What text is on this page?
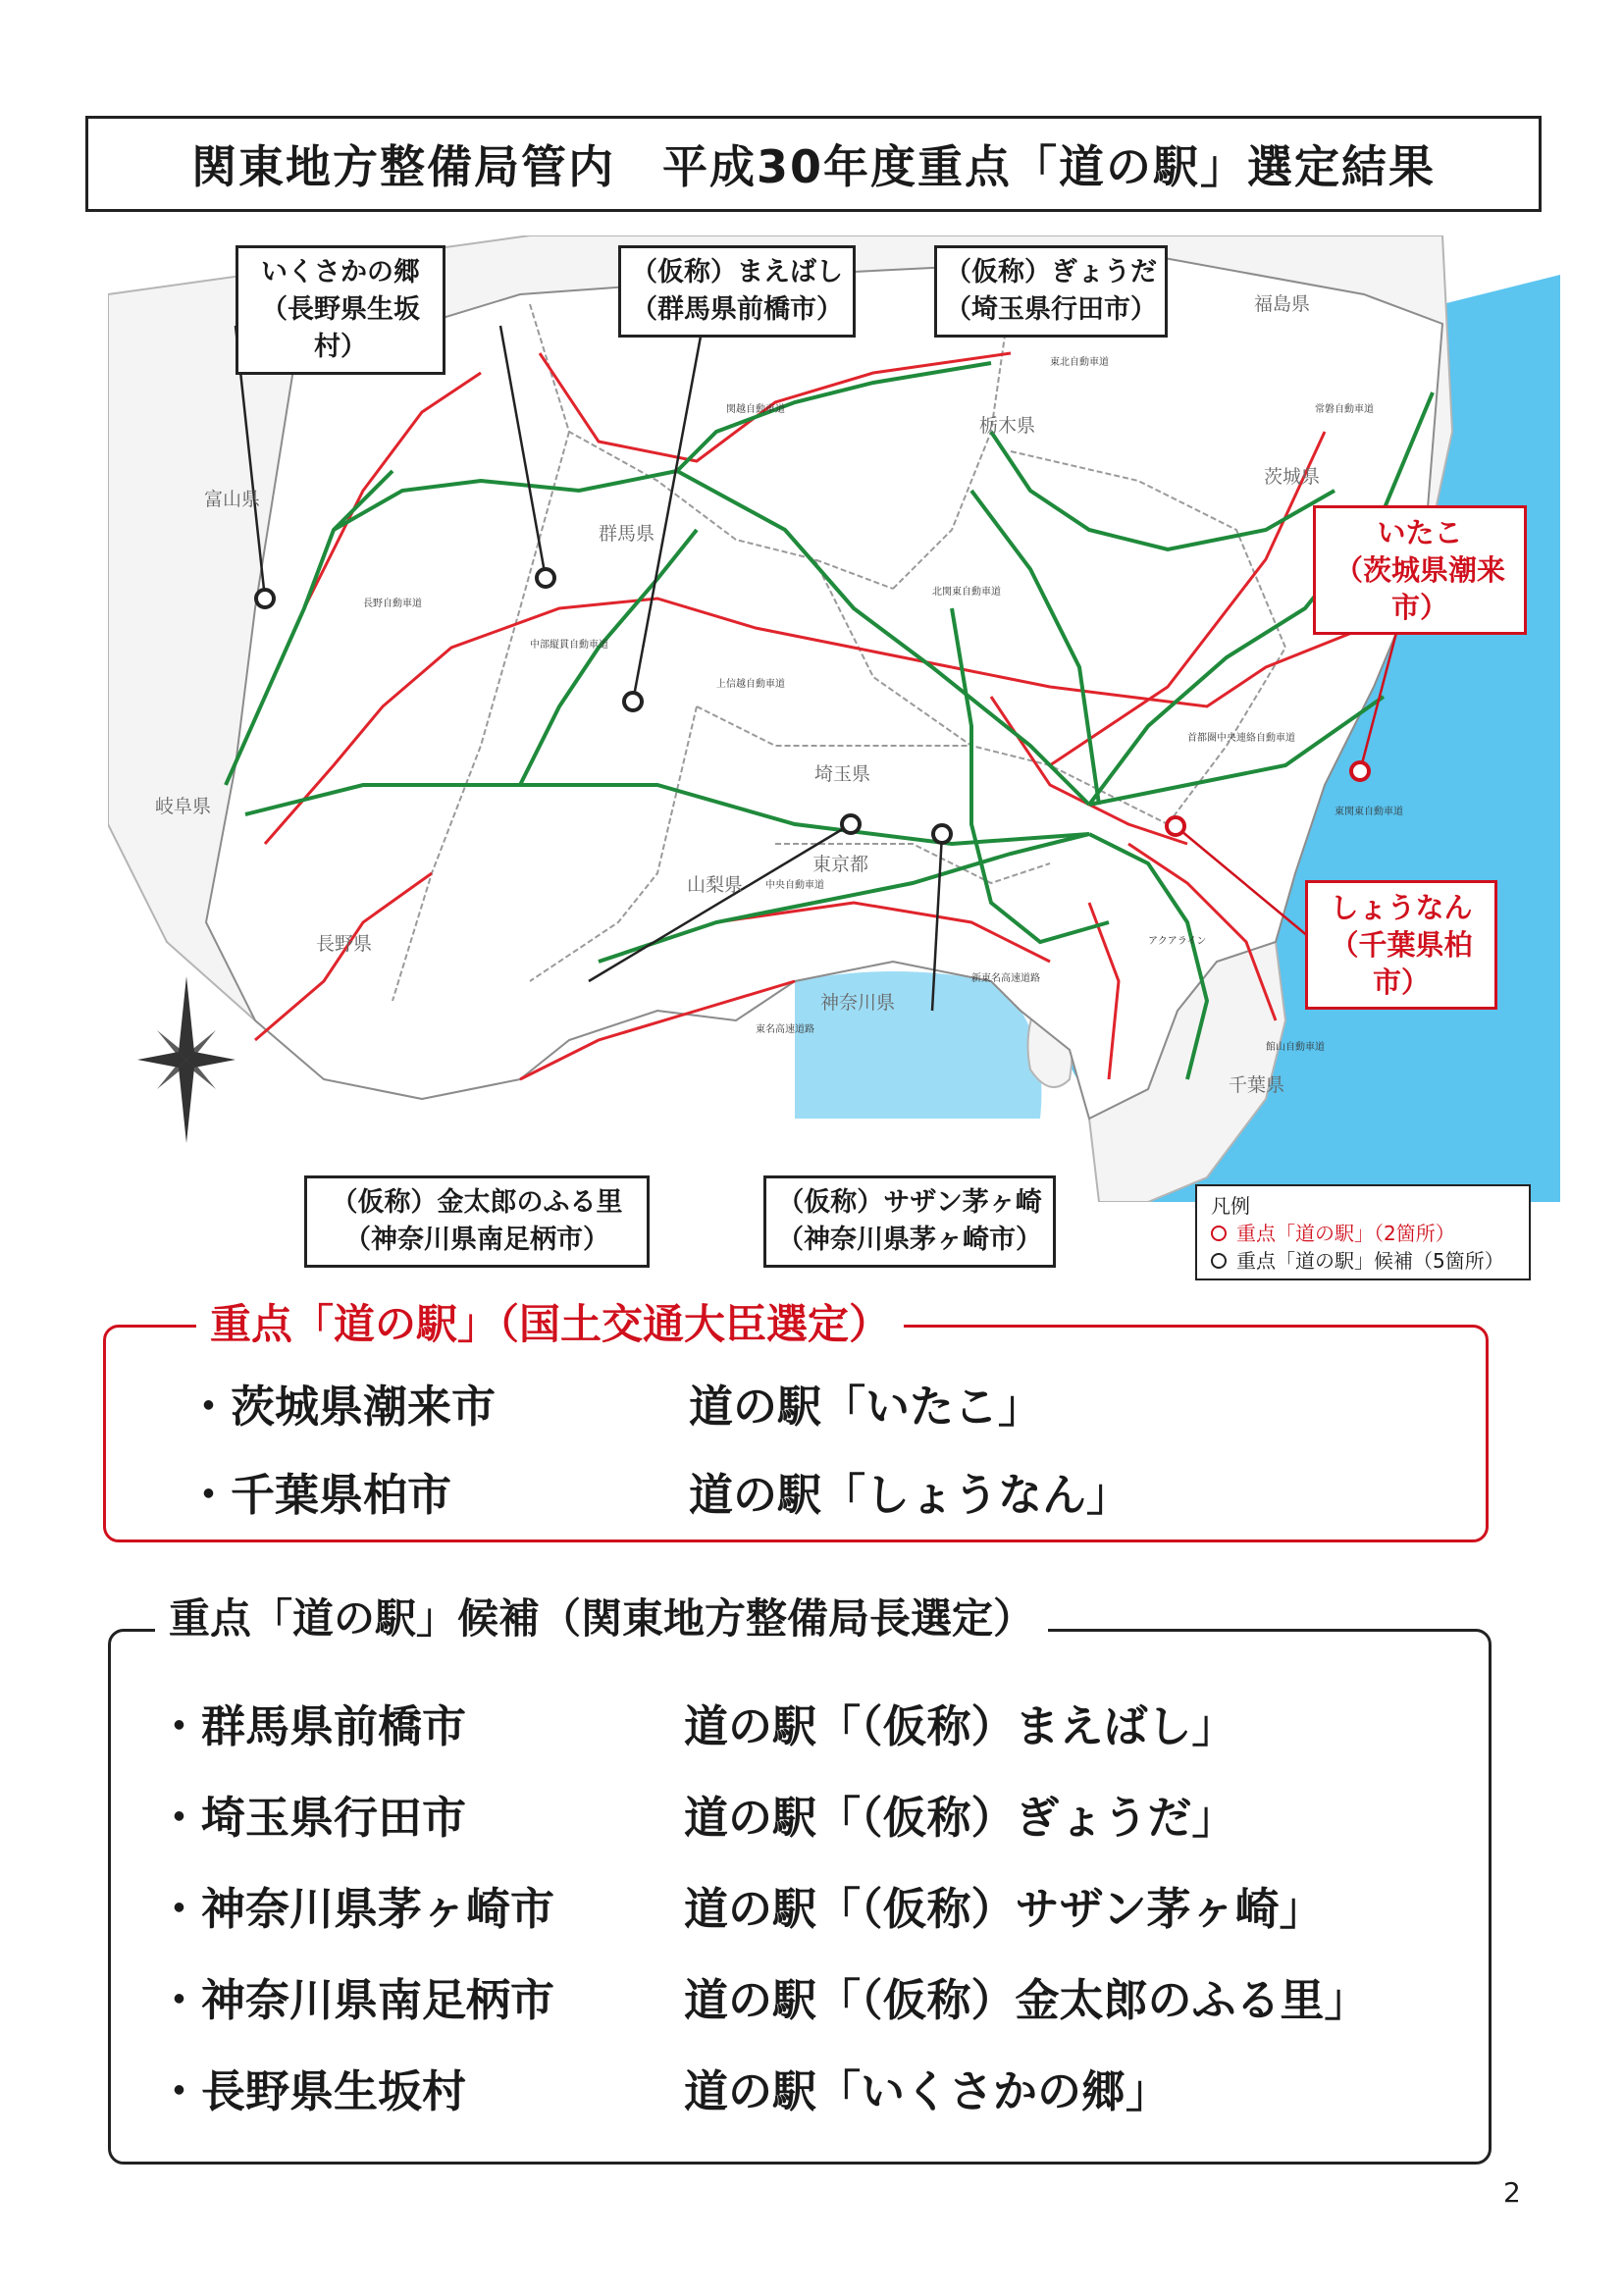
関東地方整備局管内　平成30年度重点「道の駅」選定結果
福島県
栃木県
茨城県
群馬県
富山県
岐阜県
長野県
山梨県
埼玉県
東京都
神奈川県
千葉県
上信越自動車道
長野自動車道
中部縦貫自動車道
中央自動車道
関越自動車道
北関東自動車道
東北自動車道
常磐自動車道
東関東自動車道
首都圏中央連絡自動車道
東名高速道路
新東名高速道路
館山自動車道
アクアライン
いくさかの郷
（長野県生坂村）
（仮称）まえばし
（群馬県前橋市）
（仮称）ぎょうだ
（埼玉県行田市）
いたこ
（茨城県潮来市）
しょうなん
（千葉県柏市）
（仮称）金太郎のふる里
（神奈川県南足柄市）
（仮称）サザン茅ヶ崎
（神奈川県茅ヶ崎市）
凡例
重点「道の駅」（2箇所）
重点「道の駅」候補（5箇所）
重点「道の駅」（国土交通大臣選定）
・茨城県潮来市	道の駅「いたこ」
・千葉県柏市	道の駅「しょうなん」
重点「道の駅」候補（関東地方整備局長選定）
・群馬県前橋市	道の駅「（仮称）まえばし」
・埼玉県行田市	道の駅「（仮称）ぎょうだ」
・神奈川県茅ヶ崎市	道の駅「（仮称）サザン茅ヶ崎」
・神奈川県南足柄市	道の駅「（仮称）金太郎のふる里」
・長野県生坂村	道の駅「いくさかの郷」
2
